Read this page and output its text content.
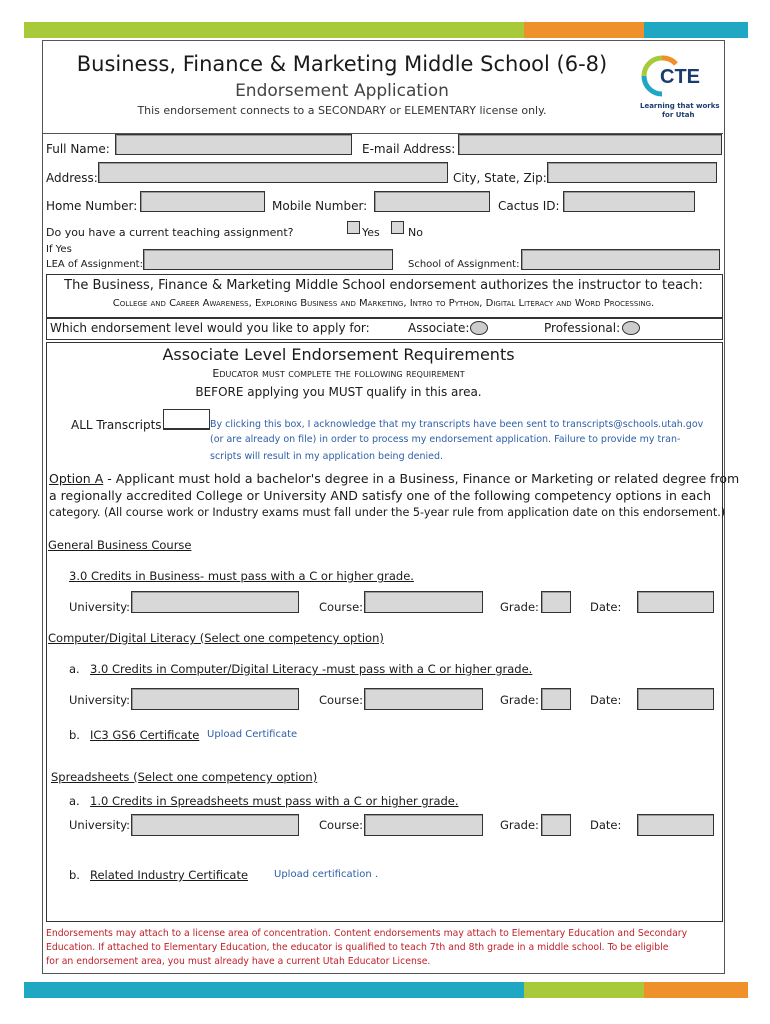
Business, Finance & Marketing Middle School (6-8)
Endorsement Application
This endorsement connects to a SECONDARY or ELEMENTARY license only.
CTE
Learning that works
for Utah
Full Name:	E-mail Address:
Address:	City, State, Zip:
Home Number:	Mobile Number:	Cactus ID:
Do you have a current teaching assignment?	Yes	No
If Yes
LEA of Assignment:	School of Assignment:
The Business, Finance & Marketing Middle School endorsement authorizes the instructor to teach:
College and Career Awareness, Exploring Business and Marketing, Intro to Python, Digital Literacy and Word Processing.
Which endorsement level would you like to apply for:	Associate:	Professional:
Associate Level Endorsement Requirements
Educator must complete the following requirement
BEFORE applying you MUST qualify in this area.
ALL Transcripts	By clicking this box, I acknowledge that my transcripts have been sent to transcripts@schools.utah.gov
(or are already on file) in order to process my endorsement application. Failure to provide my tran-
scripts will result in my application being denied.
Option A - Applicant must hold a bachelor's degree in a Business, Finance or Marketing or related degree from
a regionally accredited College or University AND satisfy one of the following competency options in each
category. (All course work or Industry exams must fall under the 5-year rule from application date on this endorsement.)
General Business Course
3.0 Credits in Business- must pass with a C or higher grade.
University:	Course:	Grade:	Date:
Computer/Digital Literacy (Select one competency option)
a. 3.0 Credits in Computer/Digital Literacy -must pass with a C or higher grade.
University:	Course:	Grade:	Date:
b. IC3 GS6 Certificate Upload Certificate
Spreadsheets (Select one competency option)
a. 1.0 Credits in Spreadsheets must pass with a C or higher grade.
University:	Course:	Grade:	Date:
b. Related Industry Certificate	Upload certification .
Endorsements may attach to a license area of concentration. Content endorsements may attach to Elementary Education and Secondary
Education. If attached to Elementary Education, the educator is qualified to teach 7th and 8th grade in a middle school. To be eligible
for an endorsement area, you must already have a current Utah Educator License.
